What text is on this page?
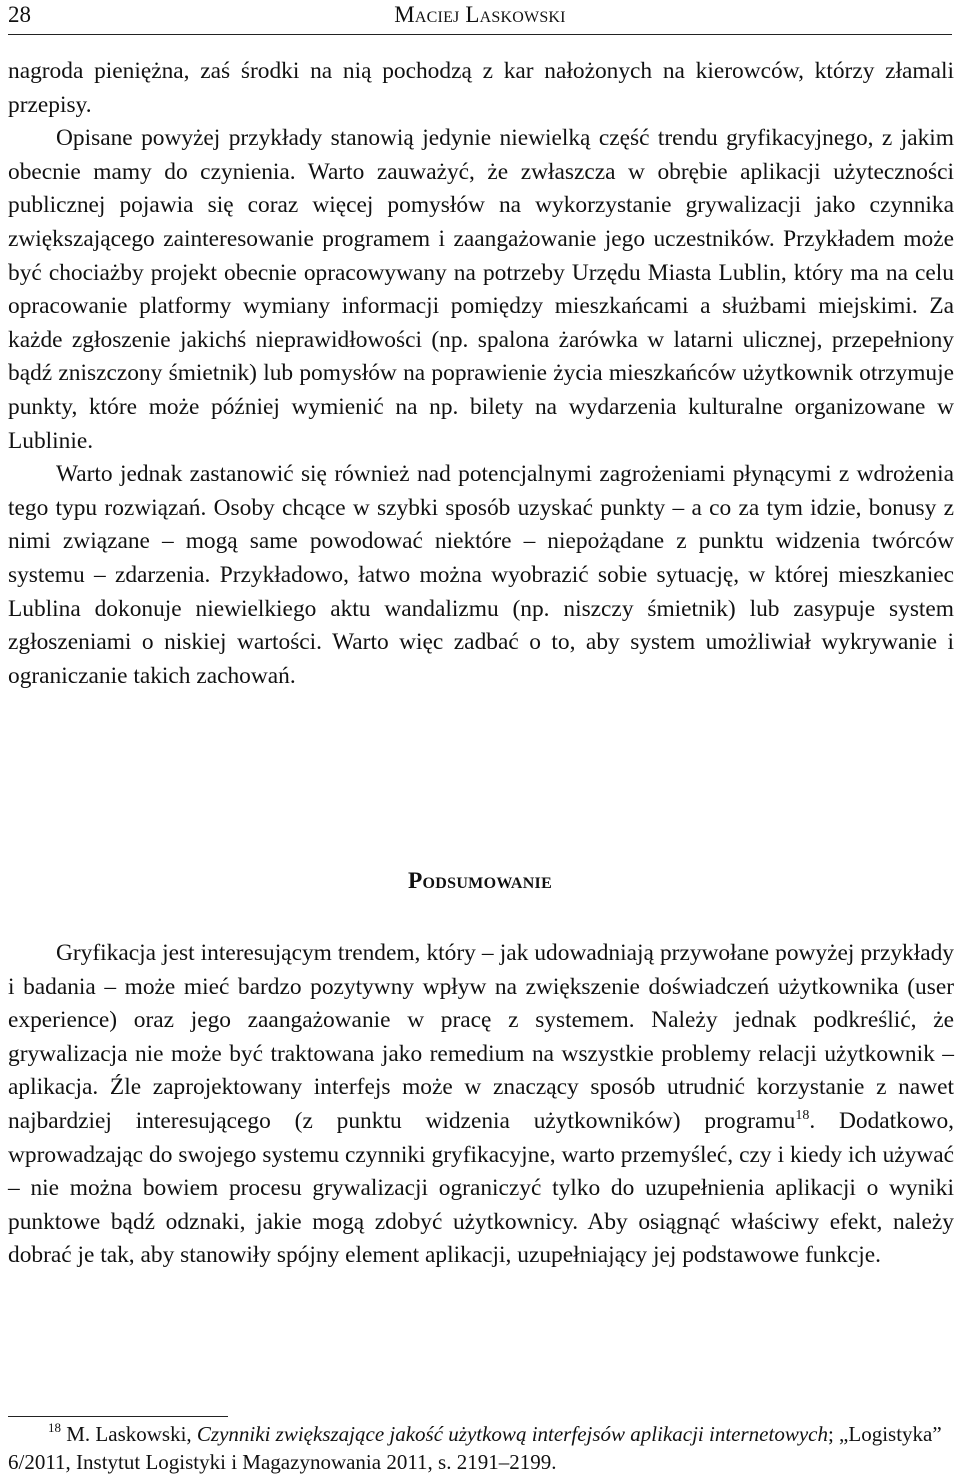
28	Maciej Laskowski

nagroda pieniężna, zaś środki na nią pochodzą z kar nałożonych na kierowców, którzy złamali przepisy.

Opisane powyżej przykłady stanowią jedynie niewielką część trendu gryfikacyjnego, z jakim obecnie mamy do czynienia. Warto zauważyć, że zwłaszcza w obrębie aplikacji użyteczności publicznej pojawia się coraz więcej pomysłów na wykorzystanie grywalizacji jako czynnika zwiększającego zainteresowanie programem i zaangażowanie jego uczestników. Przykładem może być chociażby projekt obecnie opracowywany na potrzeby Urzędu Miasta Lublin, który ma na celu opracowanie platformy wymiany informacji pomiędzy mieszkańcami a służbami miejskimi. Za każde zgłoszenie jakichś nieprawidłowości (np. spalona żarówka w latarni ulicznej, przepełniony bądź zniszczony śmietnik) lub pomysłów na poprawienie życia mieszkańców użytkownik otrzymuje punkty, które może później wymienić na np. bilety na wydarzenia kulturalne organizowane w Lublinie.

Warto jednak zastanowić się również nad potencjalnymi zagrożeniami płynącymi z wdrożenia tego typu rozwiązań. Osoby chcące w szybki sposób uzyskać punkty – a co za tym idzie, bonusy z nimi związane – mogą same powodować niektóre – niepożądane z punktu widzenia twórców systemu – zdarzenia. Przykładowo, łatwo można wyobrazić sobie sytuację, w której mieszkaniec Lublina dokonuje niewielkiego aktu wandalizmu (np. niszczy śmietnik) lub zasypuje system zgłoszeniami o niskiej wartości. Warto więc zadbać o to, aby system umożliwiał wykrywanie i ograniczanie takich zachowań.

Podsumowanie

Gryfikacja jest interesującym trendem, który – jak udowadniają przywołane powyżej przykłady i badania – może mieć bardzo pozytywny wpływ na zwiększenie doświadczeń użytkownika (user experience) oraz jego zaangażowanie w pracę z systemem. Należy jednak podkreślić, że grywalizacja nie może być traktowana jako remedium na wszystkie problemy relacji użytkownik – aplikacja. Źle zaprojektowany interfejs może w znaczący sposób utrudnić korzystanie z nawet najbardziej interesującego (z punktu widzenia użytkowników) programu$^{18}$. Dodatkowo, wprowadzając do swojego systemu czynniki gryfikacyjne, warto przemyśleć, czy i kiedy ich używać – nie można bowiem procesu grywalizacji ograniczyć tylko do uzupełnienia aplikacji o wyniki punktowe bądź odznaki, jakie mogą zdobyć użytkownicy. Aby osiągnąć właściwy efekt, należy dobrać je tak, aby stanowiły spójny element aplikacji, uzupełniający jej podstawowe funkcje.

$^{18}$ M. Laskowski, Czynniki zwiększające jakość użytkową interfejsów aplikacji internetowych; „Logistyka” 6/2011, Instytut Logistyki i Magazynowania 2011, s. 2191–2199.
